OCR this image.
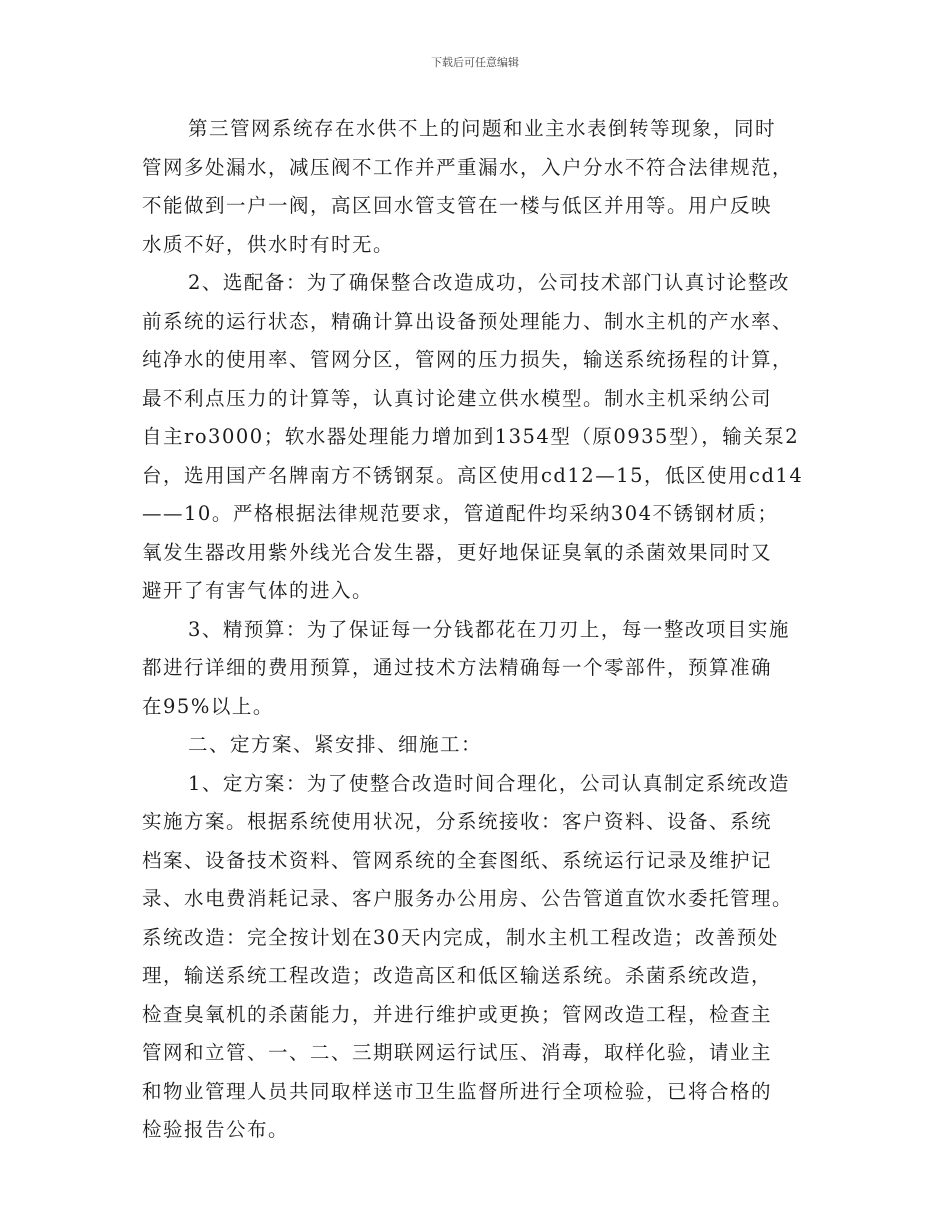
下载后可任意编辑
第三管网系统存在水供不上的问题和业主水表倒转等现象，同时
管网多处漏水，减压阀不工作并严重漏水，入户分水不符合法律规范，
不能做到一户一阀，高区回水管支管在一楼与低区并用等。用户反映
水质不好，供水时有时无。
2、选配备：为了确保整合改造成功，公司技术部门认真讨论整改
前系统的运行状态，精确计算出设备预处理能力、制水主机的产水率、
纯净水的使用率、管网分区，管网的压力损失，输送系统扬程的计算，
最不利点压力的计算等，认真讨论建立供水模型。制水主机采纳公司
自主ro3000；软水器处理能力增加到1354型（原0935型），输关泵2
台，选用国产名牌南方不锈钢泵。高区使用cd12—15，低区使用cd14
——10。严格根据法律规范要求，管道配件均采纳304不锈钢材质；
氧发生器改用紫外线光合发生器，更好地保证臭氧的杀菌效果同时又
避开了有害气体的进入。
3、精预算：为了保证每一分钱都花在刀刃上，每一整改项目实施
都进行详细的费用预算，通过技术方法精确每一个零部件，预算准确
在95%以上。
二、定方案、紧安排、细施工：
1、定方案：为了使整合改造时间合理化，公司认真制定系统改造
实施方案。根据系统使用状况，分系统接收：客户资料、设备、系统
档案、设备技术资料、管网系统的全套图纸、系统运行记录及维护记
录、水电费消耗记录、客户服务办公用房、公告管道直饮水委托管理。
系统改造：完全按计划在30天内完成，制水主机工程改造；改善预处
理，输送系统工程改造；改造高区和低区输送系统。杀菌系统改造，
检查臭氧机的杀菌能力，并进行维护或更换；管网改造工程，检查主
管网和立管、一、二、三期联网运行试压、消毒，取样化验，请业主
和物业管理人员共同取样送市卫生监督所进行全项检验，已将合格的
检验报告公布。
